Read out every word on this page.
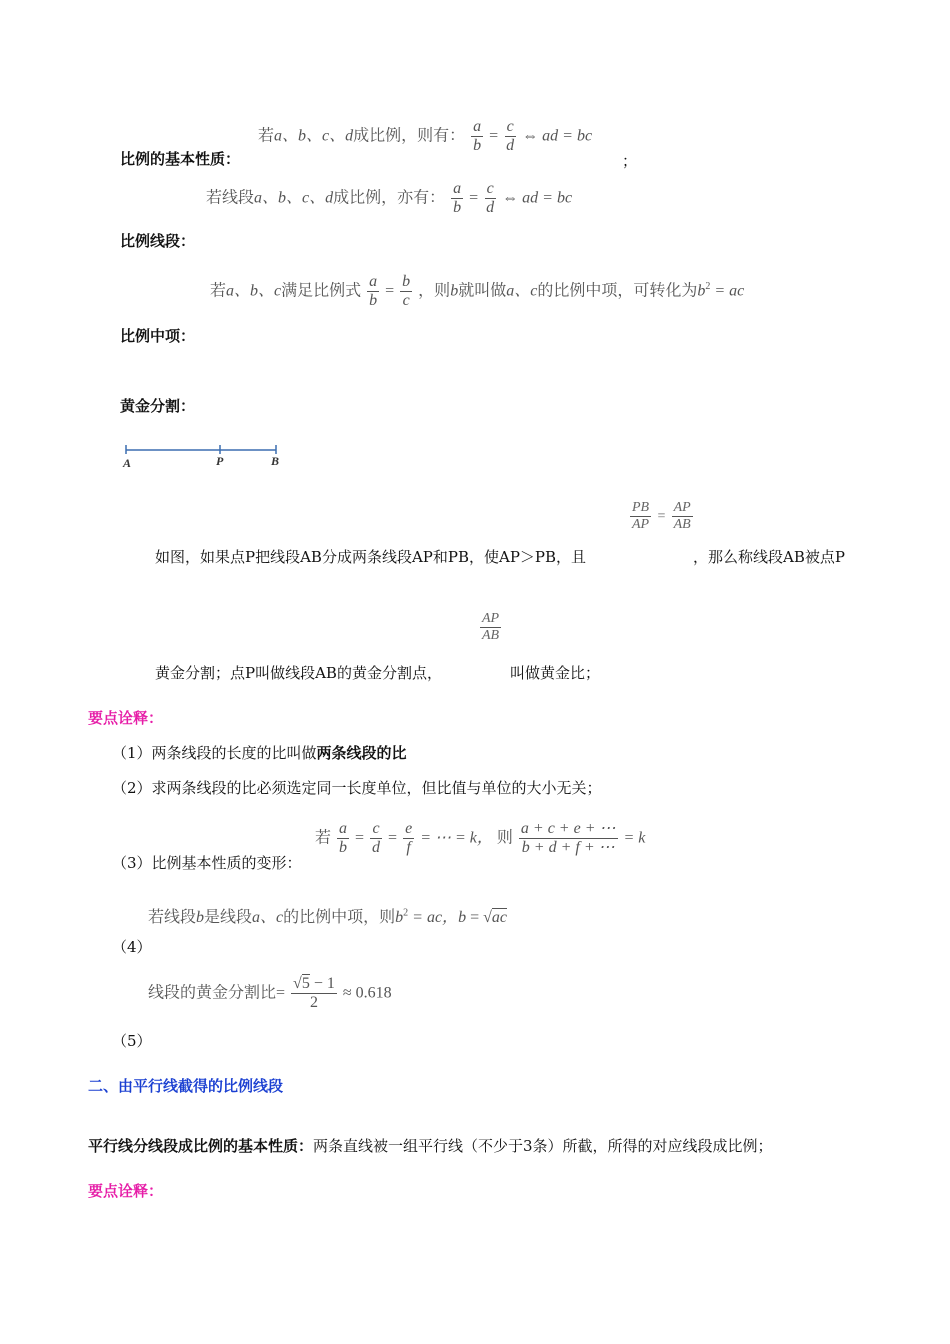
若a、b、c、d成比例，则有： $\frac{a}{b} = \frac{c}{d}$ ⇔ ad = bc
比例的基本性质：	；
若线段a、b、c、d成比例，亦有： $\frac{a}{b} = \frac{c}{d}$ ⇔ ad = bc
比例线段：
若a、b、c满足比例式 $\frac{a}{b} = \frac{b}{c}$ ，则b就叫做a、c的比例中项，可转化为$b^2$ = ac
比例中项：
黄金分割：
A	P	B
$\frac{PB}{AP} = \frac{AP}{AB}$
如图，如果点P把线段AB分成两条线段AP和PB，使AP＞PB，且	，那么称线段AB被点P
$\frac{AP}{AB}$
黄金分割；点P叫做线段AB的黄金分割点，	叫做黄金比；
要点诠释：
（1）两条线段的长度的比叫做两条线段的比
（2）求两条线段的比必须选定同一长度单位，但比值与单位的大小无关；
若 $\frac{a}{b} = \frac{c}{d} = \frac{e}{f}$ = ⋯ = k， 则 $\frac{a + c + e + \cdots}{b + d + f + \cdots} = k$
（3）比例基本性质的变形：
若线段b是线段a、c的比例中项，则$b^2$ = ac，b = √ac
（4）
线段的黄金分割比= $\frac{√5 - 1}{2} \approx 0.618$
（5）
二、由平行线截得的比例线段
平行线分线段成比例的基本性质：两条直线被一组平行线（不少于3条）所截，所得的对应线段成比例；
要点诠释：
